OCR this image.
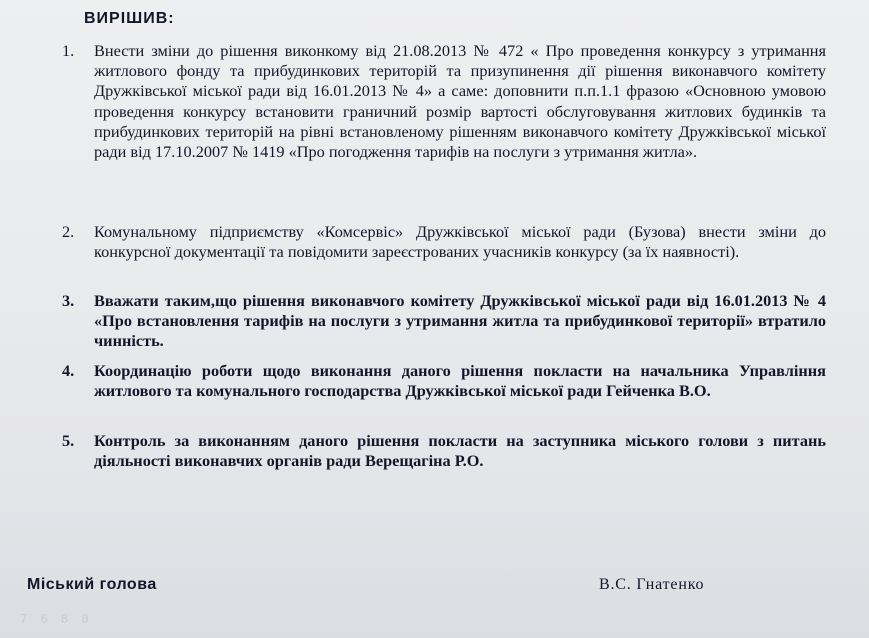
ВИРІШИВ:
1.	Внести зміни до рішення виконкому від 21.08.2013 № 472 « Про проведення конкурсу з утримання житлового фонду та прибудинкових територій та призупинення дії рішення виконавчого комітету Дружківської міської ради від 16.01.2013 № 4» а саме: доповнити п.п.1.1 фразою «Основною умовою проведення конкурсу встановити граничний розмір вартості обслуговування житлових будинків та прибудинкових територій на рівні встановленому рішенням виконавчого комітету Дружківської міської ради від 17.10.2007 № 1419 «Про погодження тарифів на послуги з утримання житла».
2.	Комунальному підприємству «Комсервіс» Дружківської міської ради (Бузова) внести зміни до конкурсної документації та повідомити зареєстрованих учасників конкурсу (за їх наявності).
3.	Вважати таким,що рішення виконавчого комітету Дружківської міської ради від 16.01.2013 № 4 «Про встановлення тарифів на послуги з утримання житла та прибудинкової території» втратило чинність.
4.	Координацію роботи щодо виконання даного рішення покласти на начальника Управління житлового та комунального господарства Дружківської міської ради Гейченка В.О.
5.	Контроль за виконанням даного рішення покласти на заступника міського голови з питань діяльності виконавчих органів ради Верещагіна Р.О.
Міський голова	В.С. Гнатенко
7 6 8 0
